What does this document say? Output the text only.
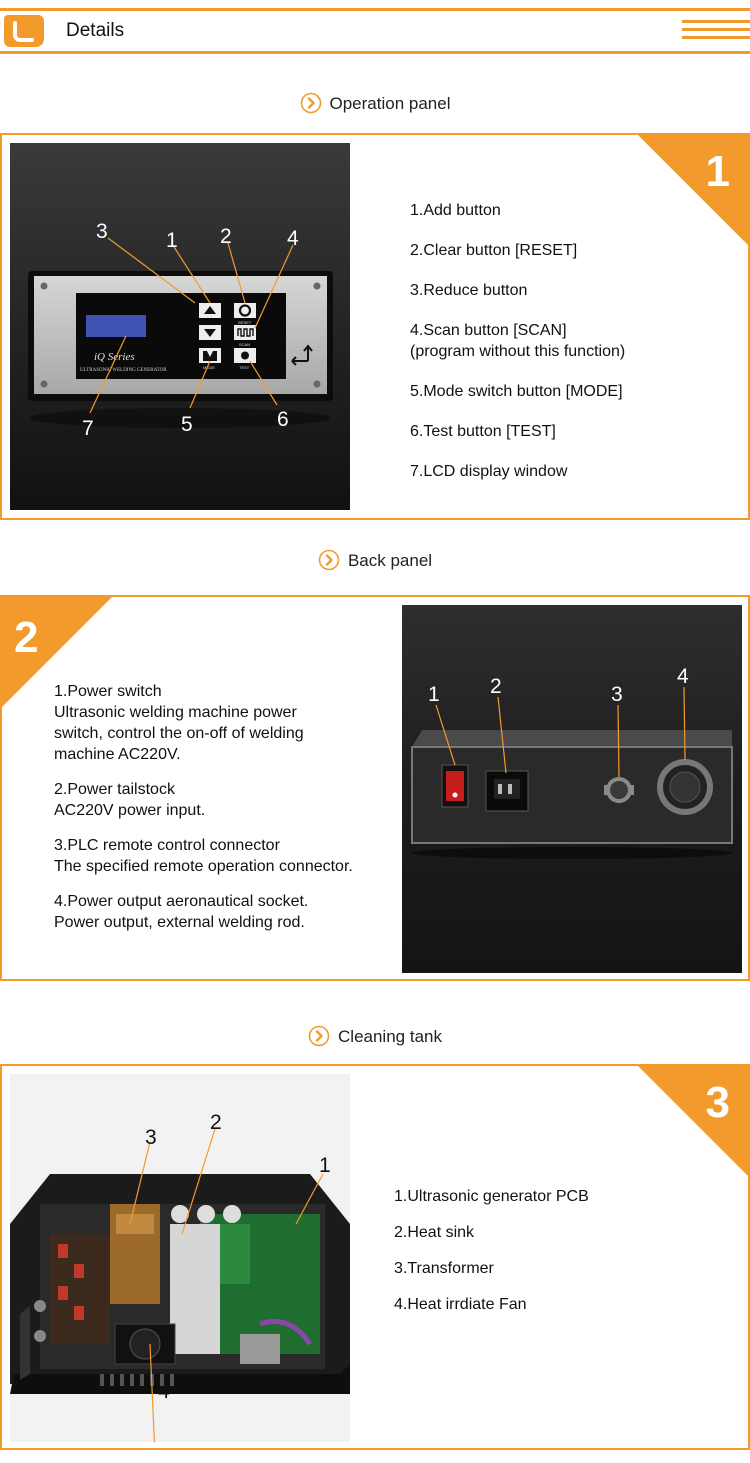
Details
Operation panel
iQ Series
ULTRASONIC WELDING GENERATOR
RESET
SCAN
MODE	TEST
3	1 2	4
7	5	6
1.Add button
2.Clear button [RESET]
3.Reduce button
4.Scan button [SCAN]
(program without this function)
5.Mode switch button [MODE]
6.Test button [TEST]
7.LCD display window
1
Back panel
2
1.Power switch
Ultrasonic welding machine power
switch, control the on-off of welding
machine AC220V.
2.Power tailstock
AC220V power input.
3.PLC remote control connector
The specified remote operation connector.
4.Power output aeronautical socket.
Power output, external welding rod.
1 2	3
4
Cleaning tank
3
2
1
4
1.Ultrasonic generator PCB
2.Heat sink
3.Transformer
4.Heat irrdiate Fan
3
